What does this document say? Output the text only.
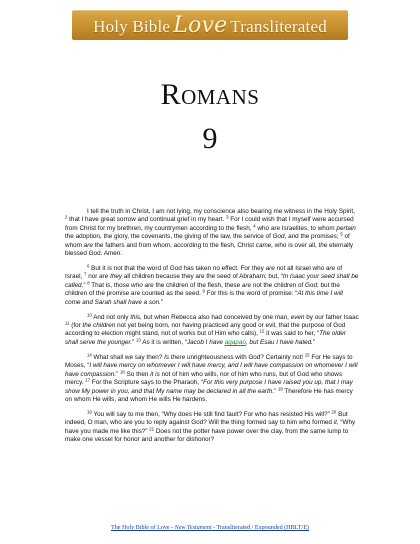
Holy Bible Love Transliterated
Romans
9

I tell the truth in Christ, I am not lying, my conscience also bearing me witness in the Holy Spirit, $^2$ that I have great sorrow and continual grief in my heart. $^3$ For I could wish that I myself were accursed from Christ for my brethren, my countrymen according to the flesh, $^4$ who are Israelites, to whom pertain the adoption, the glory, the covenants, the giving of the law, the service of God, and the promises; $^5$ of whom are the fathers and from whom, according to the flesh, Christ came, who is over all, the eternally blessed God. Amen.

$^6$ But it is not that the word of God has taken no effect. For they are not all Israel who are of Israel, $^7$ nor are they all children because they are the seed of Abraham; but, “In Isaac your seed shall be called.” $^8$ That is, those who are the children of the flesh, these are not the children of God; but the children of the promise are counted as the seed. $^9$ For this is the word of promise: “At this time I will come and Sarah shall have a son.”

$^{10}$ And not only this, but when Rebecca also had conceived by one man, even by our father Isaac $^{11}$ (for the children not yet being born, nor having practiced any good or evil, that the purpose of God according to election might stand, not of works but of Him who calls), $^{12}$ it was said to her, “The older shall serve the younger.” $^{13}$ As it is written, “Jacob I have agapao, but Esau I have hated.”

$^{14}$ What shall we say then? Is there unrighteousness with God? Certainly not! $^{15}$ For He says to Moses, “I will have mercy on whomever I will have mercy, and I will have compassion on whomever I will have compassion.” $^{16}$ So then it is not of him who wills, nor of him who runs, but of God who shows mercy. $^{17}$ For the Scripture says to the Pharaoh, “For this very purpose I have raised you up, that I may show My power in you, and that My name may be declared in all the earth.” $^{18}$ Therefore He has mercy on whom He wills, and whom He wills He hardens.

$^{19}$ You will say to me then, “Why does He still find fault? For who has resisted His will?” $^{20}$ But indeed, O man, who are you to reply against God? Will the thing formed say to him who formed it, “Why have you made me like this?” $^{21}$ Does not the potter have power over the clay, from the same lump to make one vessel for honor and another for dishonor?

The Holy Bible of Love - New Testament - Transliterated / Expounded (HBLT/E)
